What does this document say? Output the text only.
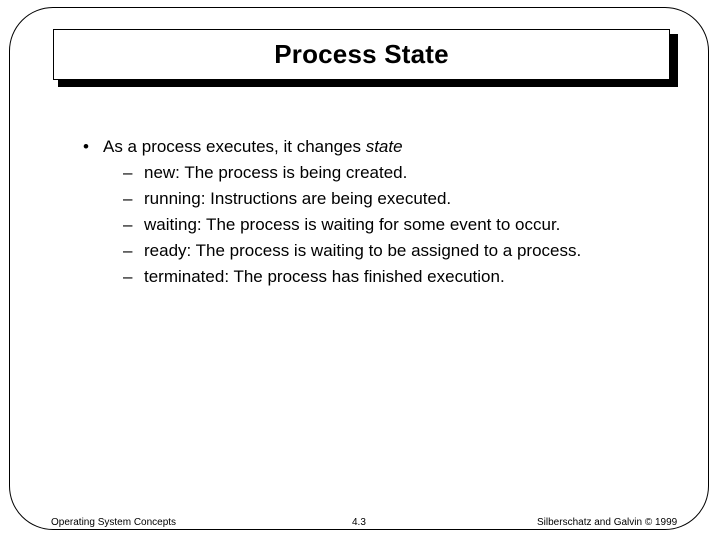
Process State
• As a process executes, it changes state
– new: The process is being created.
– running: Instructions are being executed.
– waiting: The process is waiting for some event to occur.
– ready: The process is waiting to be assigned to a process.
– terminated: The process has finished execution.
Operating System Concepts	4.3	Silberschatz and Galvin © 1999
